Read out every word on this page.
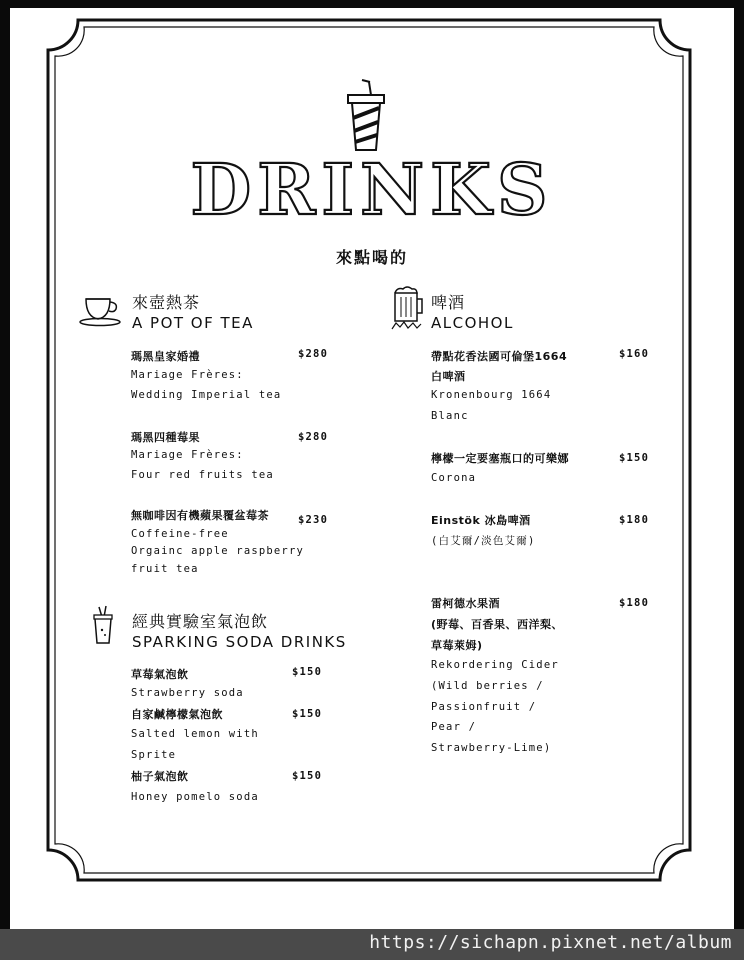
DRINKS
來點喝的
來壺熱茶
A POT OF TEA
瑪黑皇家婚禮	$280
Mariage Frères:
Wedding Imperial tea
瑪黑四種莓果	$280
Mariage Frères:
Four red fruits tea
無咖啡因有機蘋果覆盆莓茶	$230
Coffeine-free
Orgainc apple raspberry
fruit tea
經典實驗室氣泡飲
SPARKING SODA DRINKS
草莓氣泡飲	$150
Strawberry soda
自家鹹檸檬氣泡飲	$150
Salted lemon with
Sprite
柚子氣泡飲	$150
Honey pomelo soda
啤酒
ALCOHOL
帶點花香法國可倫堡1664	$160
白啤酒
Kronenbourg 1664
Blanc
檸檬一定要塞瓶口的可樂娜	$150
Corona
Einstök 冰島啤酒	$180
(白艾爾/淡色艾爾)
雷柯德水果酒	$180
(野莓、百香果、西洋梨、
草莓萊姆)
Rekordering Cider
(Wild berries /
Passionfruit /
Pear /
Strawberry-Lime)
https://sichapn.pixnet.net/album
